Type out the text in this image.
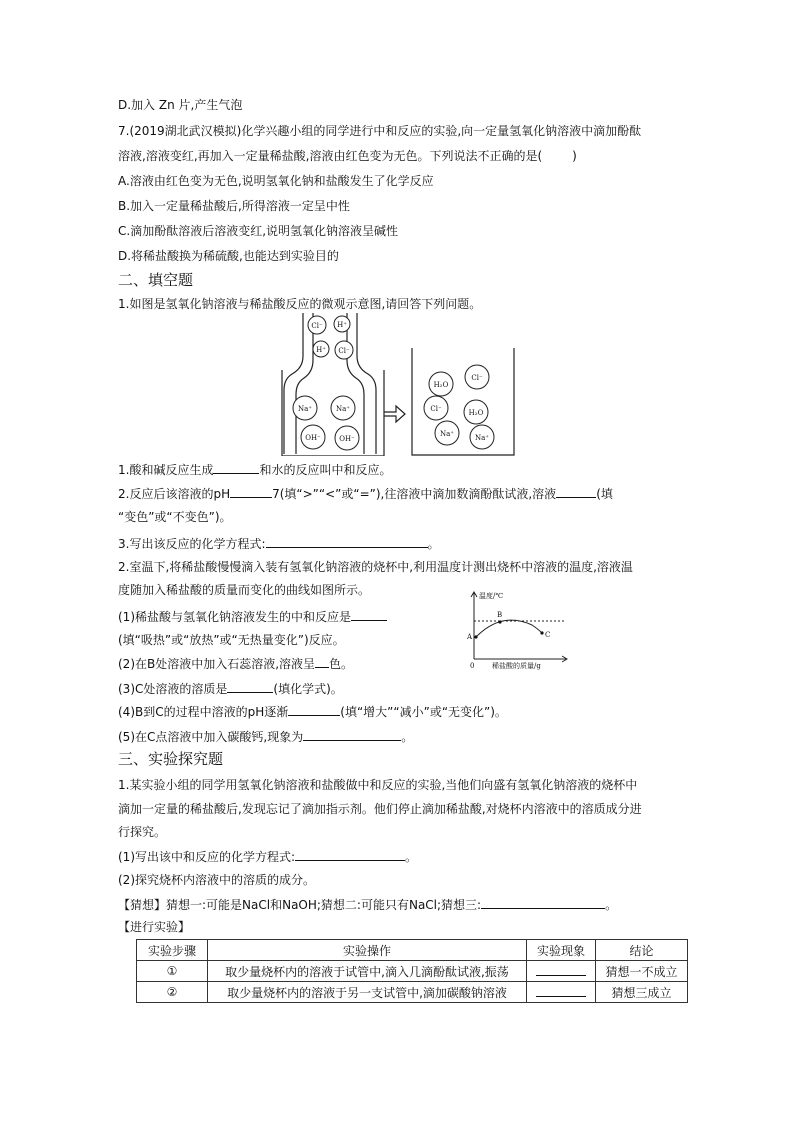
D.加入 Zn 片,产生气泡
7.(2019湖北武汉模拟)化学兴趣小组的同学进行中和反应的实验,向一定量氢氧化钠溶液中滴加酚酞
溶液,溶液变红,再加入一定量稀盐酸,溶液由红色变为无色。下列说法不正确的是(	)
A.溶液由红色变为无色,说明氢氧化钠和盐酸发生了化学反应
B.加入一定量稀盐酸后,所得溶液一定呈中性
C.滴加酚酞溶液后溶液变红,说明氢氧化钠溶液呈碱性
D.将稀盐酸换为稀硫酸,也能达到实验目的
二、填空题
1.如图是氢氧化钠溶液与稀盐酸反应的微观示意图,请回答下列问题。
Cl⁻ H⁺
H⁺ Cl⁻
Na⁺	Na⁺
OH⁻	OH⁻
H₂O
Cl⁻
Cl⁻	H₂O
Na⁺	Na⁺
1.酸和碱反应生成	和水的反应叫中和反应。
2.反应后该溶液的pH	7(填“>”“<”或“=”),往溶液中滴加数滴酚酞试液,溶液	(填
“变色”或“不变色”)。
3.写出该反应的化学方程式:	。
2.室温下,将稀盐酸慢慢滴入装有氢氧化钠溶液的烧杯中,利用温度计测出烧杯中溶液的温度,溶液温
度随加入稀盐酸的质量而变化的曲线如图所示。	温度/℃
A
B
C
0	稀盐酸的质量/g
(1)稀盐酸与氢氧化钠溶液发生的中和反应是
(填“吸热”或“放热”或“无热量变化”)反应。
(2)在B处溶液中加入石蕊溶液,溶液呈 色。
(3)C处溶液的溶质是	(填化学式)。
(4)B到C的过程中溶液的pH逐渐	(填“增大”“减小”或“无变化”)。
(5)在C点溶液中加入碳酸钙,现象为	。
三、实验探究题
1.某实验小组的同学用氢氧化钠溶液和盐酸做中和反应的实验,当他们向盛有氢氧化钠溶液的烧杯中
滴加一定量的稀盐酸后,发现忘记了滴加指示剂。他们停止滴加稀盐酸,对烧杯内溶液中的溶质成分进
行探究。
(1)写出该中和反应的化学方程式:	。
(2)探究烧杯内溶液中的溶质的成分。
【猜想】猜想一:可能是NaCl和NaOH;猜想二:可能只有NaCl;猜想三:	。
【进行实验】
实验步骤	实验操作	实验现象	结论
①	取少量烧杯内的溶液于试管中,滴入几滴酚酞试液,振荡		猜想一不成立
②	取少量烧杯内的溶液于另一支试管中,滴加碳酸钠溶液		猜想三成立
